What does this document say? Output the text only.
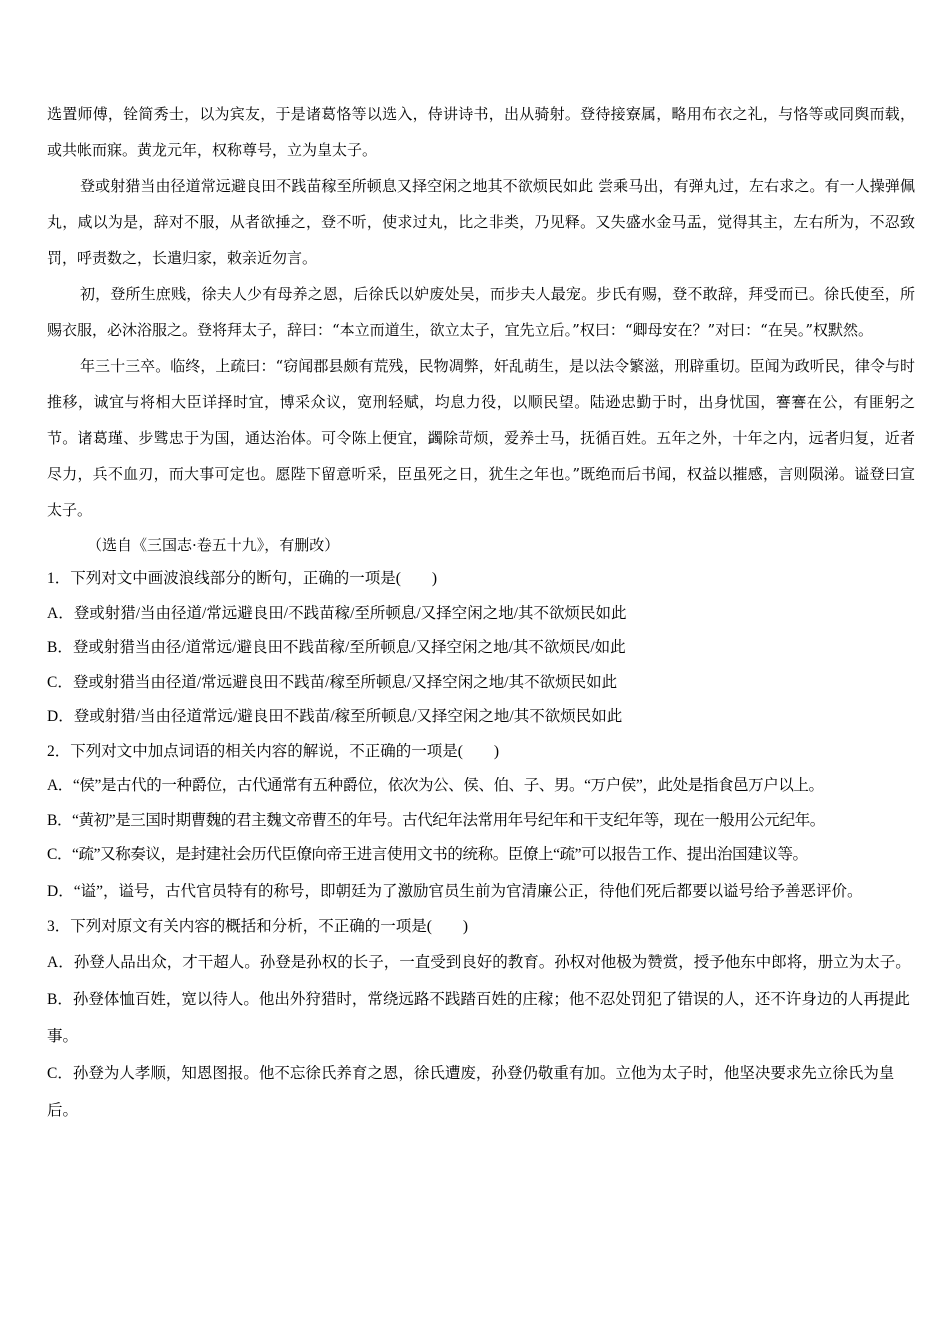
选置师傅，铨简秀士，以为宾友，于是诸葛恪等以选入，侍讲诗书，出从骑射。登待接寮属，略用布衣之礼，与恪等或同舆而载，或共帐而寐。黄龙元年，权称尊号，立为皇太子。

登或射猎当由径道常远避良田不践苗稼至所顿息又择空闲之地其不欲烦民如此 尝乘马出，有弹丸过，左右求之。有一人操弹佩丸，咸以为是，辞对不服，从者欲捶之，登不听，使求过丸，比之非类，乃见释。又失盛水金马盂，觉得其主，左右所为，不忍致罚，呼责数之，长遣归家，敕亲近勿言。

初，登所生庶贱，徐夫人少有母养之恩，后徐氏以妒废处吴，而步夫人最宠。步氏有赐，登不敢辞，拜受而已。徐氏使至，所赐衣服，必沐浴服之。登将拜太子，辞曰：“本立而道生，欲立太子，宜先立后。”权曰：“卿母安在？”对曰：“在吴。”权默然。

年三十三卒。临终，上疏曰：“窃闻郡县颇有荒残，民物凋弊，奸乱萌生，是以法令繁滋，刑辟重切。臣闻为政听民，律令与时推移，诚宜与将相大臣详择时宜，博采众议，宽刑轻赋，均息力役，以顺民望。陆逊忠勤于时，出身忧国，謇謇在公，有匪躬之节。诸葛瑾、步骘忠于为国，通达治体。可令陈上便宜，蠲除苛烦，爱养士马，抚循百姓。五年之外，十年之内，远者归复，近者尽力，兵不血刃，而大事可定也。愿陛下留意听采，臣虽死之日，犹生之年也。”既绝而后书闻，权益以摧感，言则陨涕。谥登曰宣太子。

（选自《三国志·卷五十九》，有删改）

1．下列对文中画波浪线部分的断句，正确的一项是(　　)

A．登或射猎/当由径道/常远避良田/不践苗稼/至所顿息/又择空闲之地/其不欲烦民如此

B．登或射猎当由径/道常远/避良田不践苗稼/至所顿息/又择空闲之地/其不欲烦民/如此

C．登或射猎当由径道/常远避良田不践苗/稼至所顿息/又择空闲之地/其不欲烦民如此

D．登或射猎/当由径道常远/避良田不践苗/稼至所顿息/又择空闲之地/其不欲烦民如此

2．下列对文中加点词语的相关内容的解说，不正确的一项是(　　)

A．“侯”是古代的一种爵位，古代通常有五种爵位，依次为公、侯、伯、子、男。“万户侯”，此处是指食邑万户以上。

B．“黄初”是三国时期曹魏的君主魏文帝曹丕的年号。古代纪年法常用年号纪年和干支纪年等，现在一般用公元纪年。

C．“疏”又称奏议，是封建社会历代臣僚向帝王进言使用文书的统称。臣僚上“疏”可以报告工作、提出治国建议等。

D．“谥”，谥号，古代官员特有的称号，即朝廷为了激励官员生前为官清廉公正，待他们死后都要以谥号给予善恶评价。

3．下列对原文有关内容的概括和分析，不正确的一项是(　　)

A．孙登人品出众，才干超人。孙登是孙权的长子，一直受到良好的教育。孙权对他极为赞赏，授予他东中郎将，册立为太子。

B．孙登体恤百姓，宽以待人。他出外狩猎时，常绕远路不践踏百姓的庄稼；他不忍处罚犯了错误的人，还不许身边的人再提此事。

C．孙登为人孝顺，知恩图报。他不忘徐氏养育之恩，徐氏遭废，孙登仍敬重有加。立他为太子时，他坚决要求先立徐氏为皇后。
